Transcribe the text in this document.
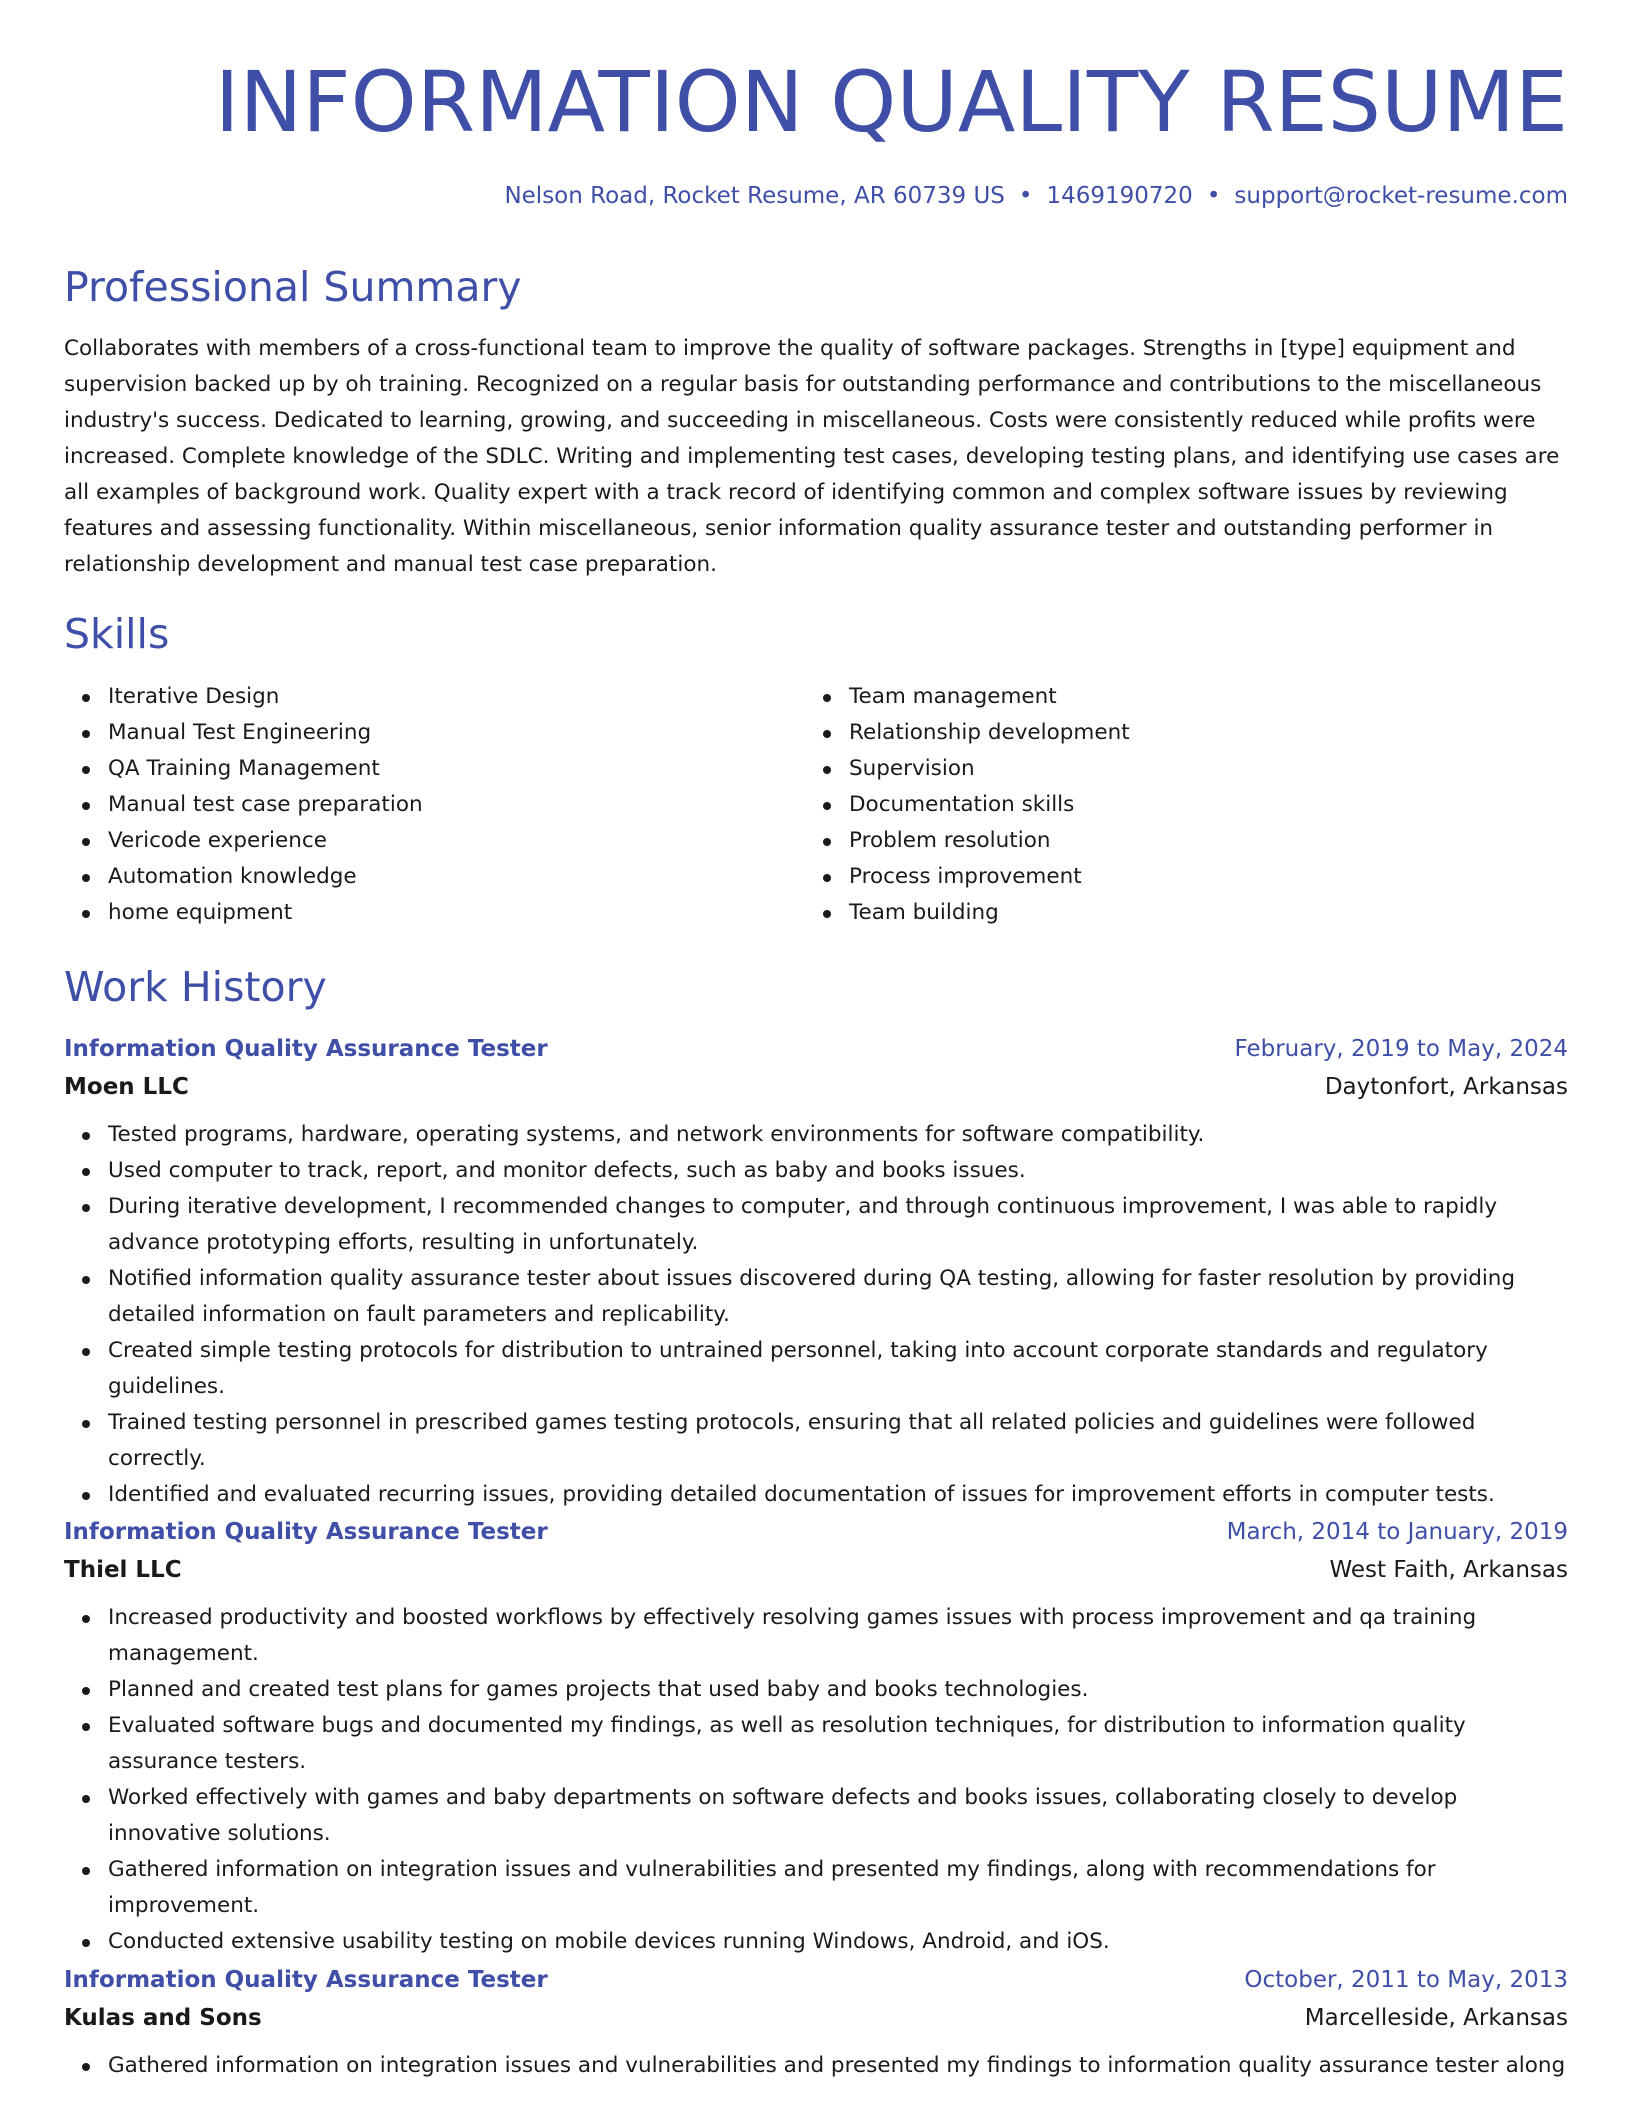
INFORMATION QUALITY RESUME
Nelson Road, Rocket Resume, AR 60739 US • 1469190720 • support@rocket-resume.com
Professional Summary

Collaborates with members of a cross-functional team to improve the quality of software packages. Strengths in [type] equipment and supervision backed up by oh training. Recognized on a regular basis for outstanding performance and contributions to the miscellaneous industry's success. Dedicated to learning, growing, and succeeding in miscellaneous. Costs were consistently reduced while profits were increased. Complete knowledge of the SDLC. Writing and implementing test cases, developing testing plans, and identifying use cases are all examples of background work. Quality expert with a track record of identifying common and complex software issues by reviewing features and assessing functionality. Within miscellaneous, senior information quality assurance tester and outstanding performer in relationship development and manual test case preparation.

Skills
Iterative Design
Manual Test Engineering
QA Training Management
Manual test case preparation
Vericode experience
Automation knowledge
home equipment
Team management
Relationship development
Supervision
Documentation skills
Problem resolution
Process improvement
Team building
Work History
Information Quality Assurance Tester	February, 2019 to May, 2024
Moen LLC	Daytonfort, Arkansas
Tested programs, hardware, operating systems, and network environments for software compatibility.
Used computer to track, report, and monitor defects, such as baby and books issues.
During iterative development, I recommended changes to computer, and through continuous improvement, I was able to rapidly advance prototyping efforts, resulting in unfortunately.
Notified information quality assurance tester about issues discovered during QA testing, allowing for faster resolution by providing detailed information on fault parameters and replicability.
Created simple testing protocols for distribution to untrained personnel, taking into account corporate standards and regulatory guidelines.
Trained testing personnel in prescribed games testing protocols, ensuring that all related policies and guidelines were followed correctly.
Identified and evaluated recurring issues, providing detailed documentation of issues for improvement efforts in computer tests.
Information Quality Assurance Tester	March, 2014 to January, 2019
Thiel LLC	West Faith, Arkansas
Increased productivity and boosted workflows by effectively resolving games issues with process improvement and qa training management.
Planned and created test plans for games projects that used baby and books technologies.
Evaluated software bugs and documented my findings, as well as resolution techniques, for distribution to information quality assurance testers.
Worked effectively with games and baby departments on software defects and books issues, collaborating closely to develop innovative solutions.
Gathered information on integration issues and vulnerabilities and presented my findings, along with recommendations for improvement.
Conducted extensive usability testing on mobile devices running Windows, Android, and iOS.
Information Quality Assurance Tester	October, 2011 to May, 2013
Kulas and Sons	Marcelleside, Arkansas
Gathered information on integration issues and vulnerabilities and presented my findings to information quality assurance tester along
